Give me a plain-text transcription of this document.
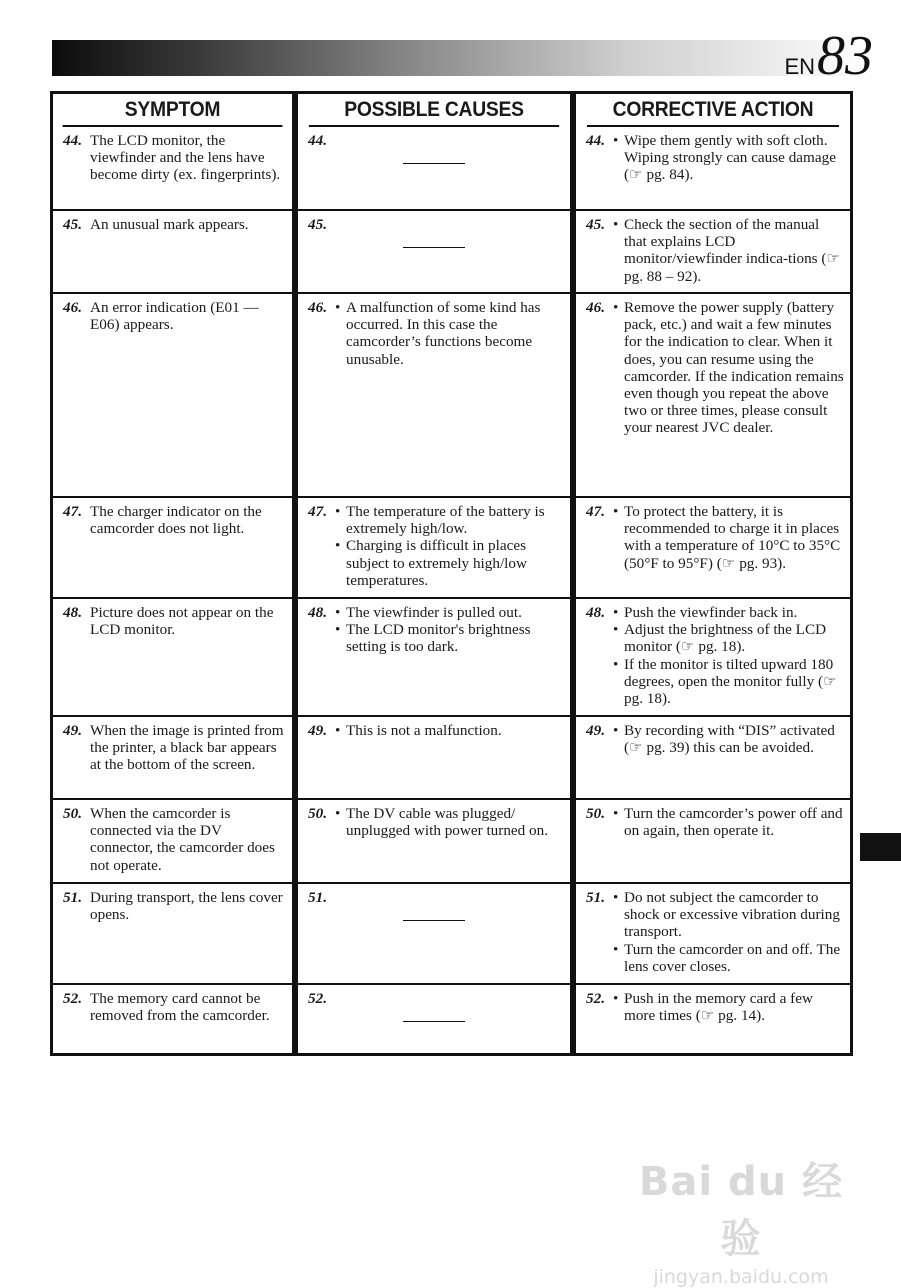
EN 83
SYMPTOM
44. The LCD monitor, the viewfinder and the lens have become dirty (ex. fingerprints).
45. An unusual mark appears.
46. An error indication (E01 — E06) appears.
47. The charger indicator on the camcorder does not light.
48. Picture does not appear on the LCD monitor.
49. When the image is printed from the printer, a black bar appears at the bottom of the screen.
50. When the camcorder is connected via the DV connector, the camcorder does not operate.
51. During transport, the lens cover opens.
52. The memory card cannot be removed from the camcorder.
POSSIBLE CAUSES
44.
45.
46. • A malfunction of some kind has occurred. In this case the camcorder’s functions become unusable.
47. • The temperature of the battery is extremely high/low.
• Charging is difficult in places subject to extremely high/low temperatures.
48. • The viewfinder is pulled out.
• The LCD monitor's brightness setting is too dark.
49. • This is not a malfunction.
50. • The DV cable was plugged/ unplugged with power turned on.
51.
52.
CORRECTIVE ACTION
44. • Wipe them gently with soft cloth. Wiping strongly can cause damage (☞ pg. 84).
45. • Check the section of the manual that explains LCD monitor/viewfinder indica-tions (☞ pg. 88 – 92).
46. • Remove the power supply (battery pack, etc.) and wait a few minutes for the indication to clear. When it does, you can resume using the camcorder. If the indication remains even though you repeat the above two or three times, please consult your nearest JVC dealer.
47. • To protect the battery, it is recommended to charge it in places with a temperature of 10°C to 35°C (50°F to 95°F) (☞ pg. 93).
48. • Push the viewfinder back in.
• Adjust the brightness of the LCD monitor (☞ pg. 18).
• If the monitor is tilted upward 180 degrees, open the monitor fully (☞ pg. 18).
49. • By recording with “DIS” activated (☞ pg. 39) this can be avoided.
50. • Turn the camcorder’s power off and on again, then operate it.
51. • Do not subject the camcorder to shock or excessive vibration during transport.
• Turn the camcorder on and off. The lens cover closes.
52. • Push in the memory card a few more times (☞ pg. 14).
Bai du 经验
jingyan.baidu.com
